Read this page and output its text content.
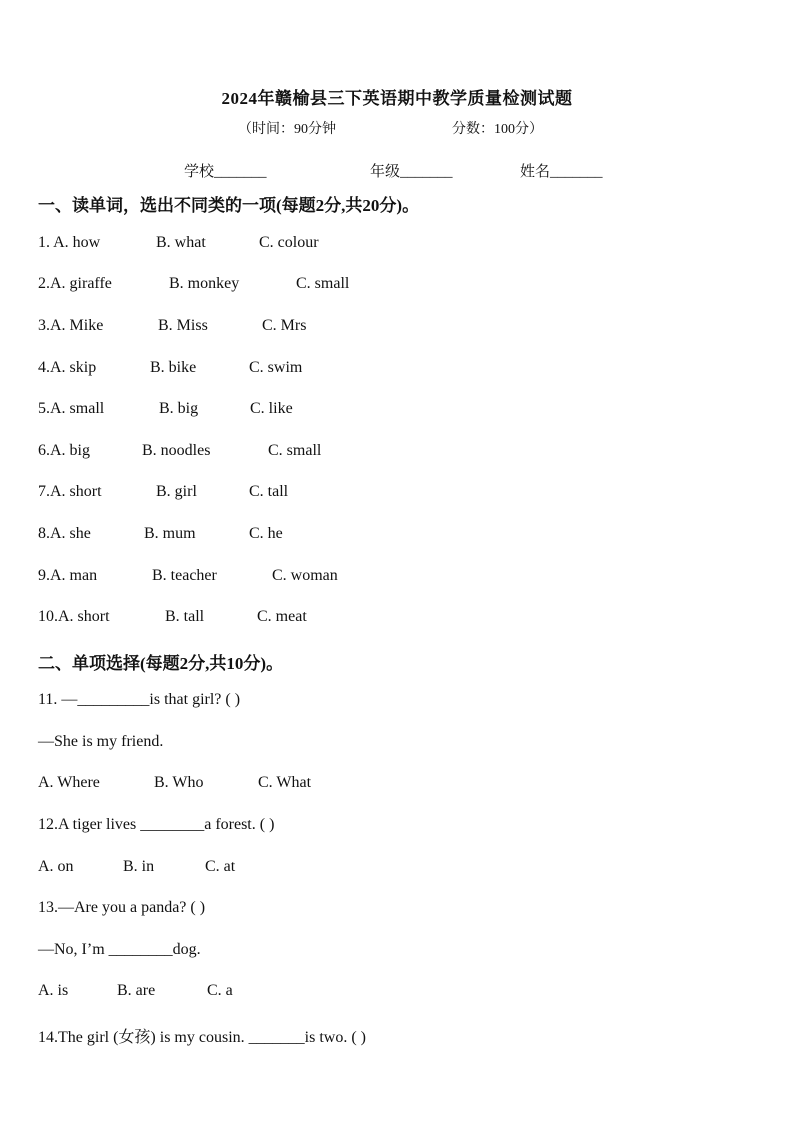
2024年赣榆县三下英语期中教学质量检测试题
（时间：90分钟	分数：100分）
学校_______	年级_______	姓名_______
一、读单词，选出不同类的一项(每题2分,共20分)。
1. A. how	B. what	C. colour
2.A. giraffe	B. monkey	C. small
3.A. Mike	B. Miss	C. Mrs
4.A. skip	B. bike	C. swim
5.A. small	B. big	C. like
6.A. big	B. noodles	C. small
7.A. short	B. girl	C. tall
8.A. she	B. mum	C. he
9.A. man	B. teacher	C. woman
10.A. short	B. tall	C. meat
二、单项选择(每题2分,共10分)。
11. —_________is that girl? ( )
—She is my friend.
A. Where	B. Who	C. What
12.A tiger lives ________a forest. ( )
A. on	B. in	C. at
13.—Are you a panda? ( )
—No, I’m ________dog.
A. is	B. are	C. a
14.The girl (女孩) is my cousin. _______is two. ( )
